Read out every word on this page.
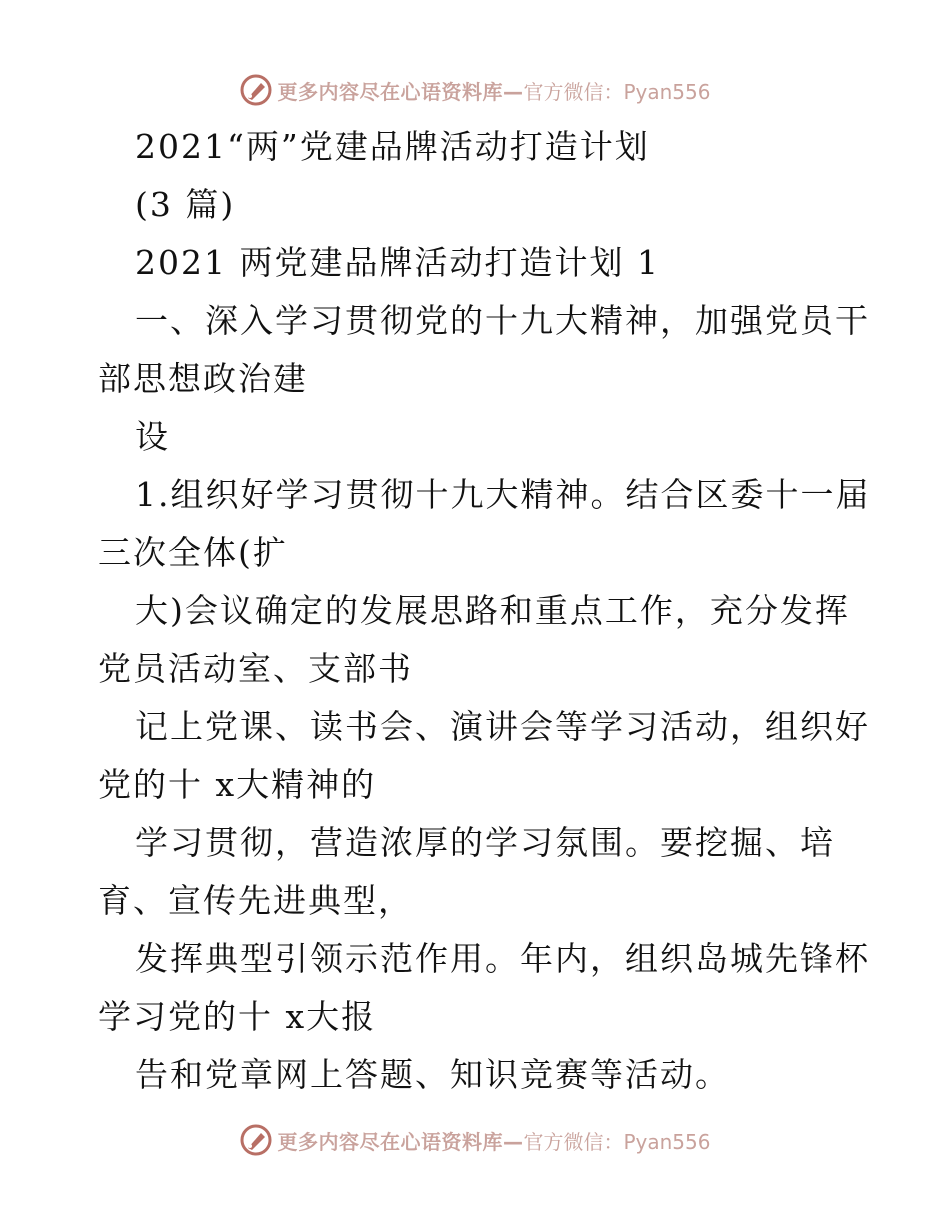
更多内容尽在心语资料库— 官方微信：Pyan556
2021“两”党建品牌活动打造计划
(3 篇)
2021 两党建品牌活动打造计划 1
一、深入学习贯彻党的十九大精神，加强党员干
部思想政治建
设
1.组织好学习贯彻十九大精神。结合区委十一届
三次全体(扩
大)会议确定的发展思路和重点工作，充分发挥
党员活动室、支部书
记上党课、读书会、演讲会等学习活动，组织好
党的十 x大精神的
学习贯彻，营造浓厚的学习氛围。要挖掘、培
育、宣传先进典型，
发挥典型引领示范作用。年内，组织岛城先锋杯
学习党的十 x大报
告和党章网上答题、知识竞赛等活动。
更多内容尽在心语资料库— 官方微信：Pyan556
